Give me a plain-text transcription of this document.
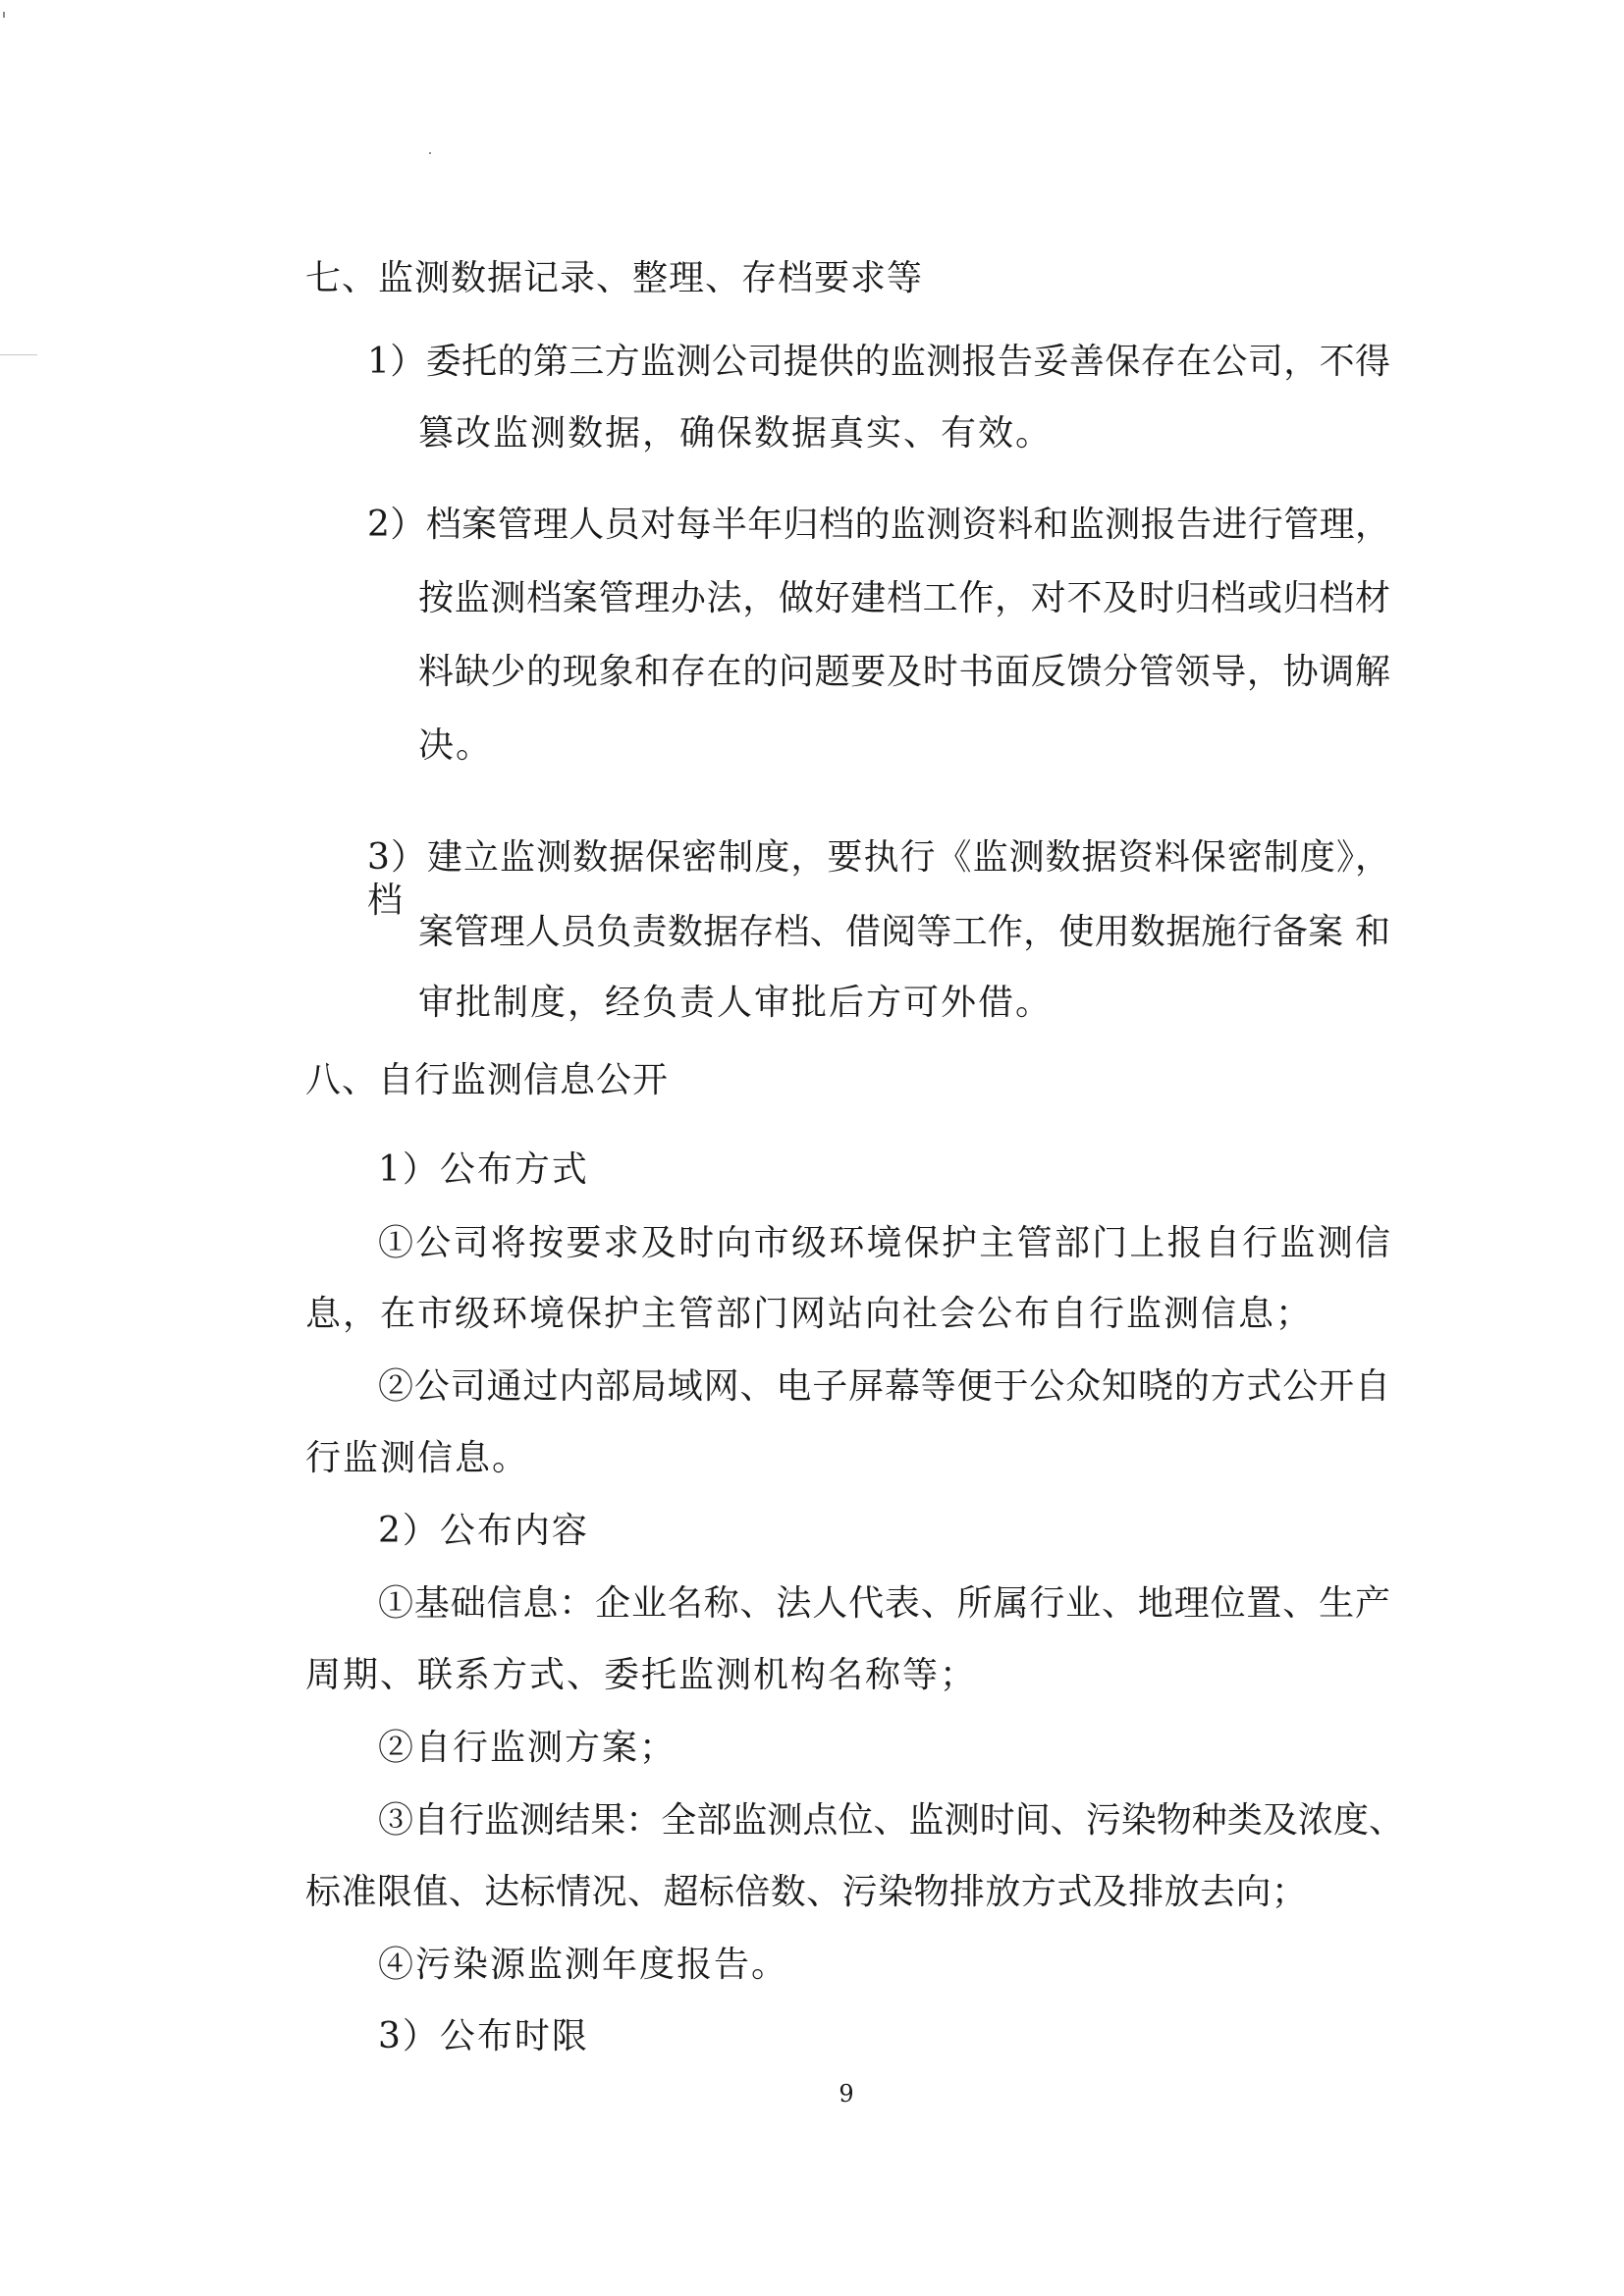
七、监测数据记录、整理、存档要求等
1）委托的第三方监测公司提供的监测报告妥善保存在公司，不得
篡改监测数据，确保数据真实、有效。
2）档案管理人员对每半年归档的监测资料和监测报告进行管理，
按监测档案管理办法，做好建档工作，对不及时归档或归档材
料缺少的现象和存在的问题要及时书面反馈分管领导，协调解
决。
3）建立监测数据保密制度，要执行《监测数据资料保密制度》，档
案管理人员负责数据存档、借阅等工作，使用数据施行备案 和
审批制度，经负责人审批后方可外借。
八、自行监测信息公开
1）公布方式
①公司将按要求及时向市级环境保护主管部门上报自行监测信
息，在市级环境保护主管部门网站向社会公布自行监测信息；
②公司通过内部局域网、电子屏幕等便于公众知晓的方式公开自
行监测信息。
2）公布内容
①基础信息：企业名称、法人代表、所属行业、地理位置、生产
周期、联系方式、委托监测机构名称等；
②自行监测方案；
③自行监测结果：全部监测点位、监测时间、污染物种类及浓度、
标准限值、达标情况、超标倍数、污染物排放方式及排放去向；
④污染源监测年度报告。
3）公布时限
9
